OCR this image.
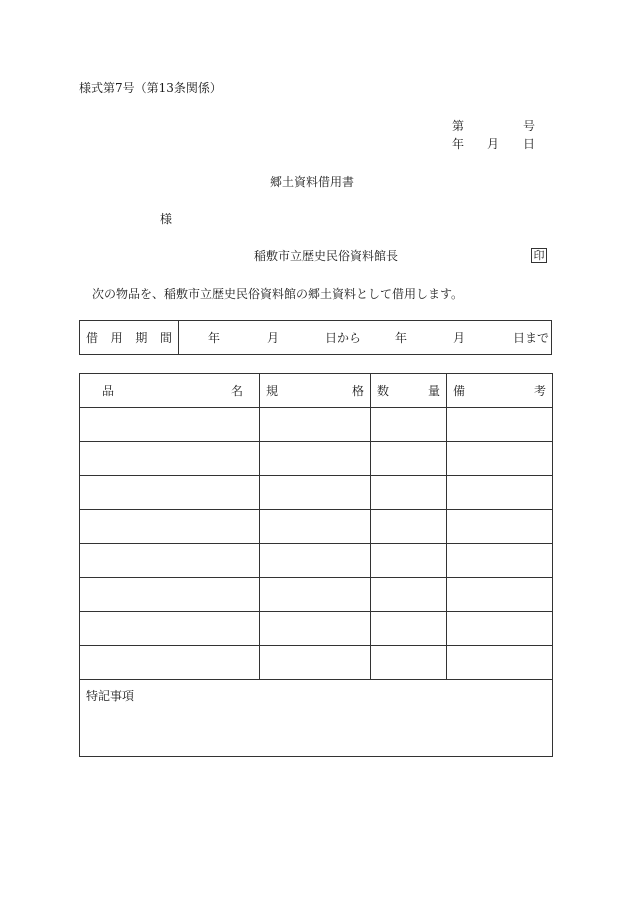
様式第7号（第13条関係）
第	号
年 月 日
郷土資料借用書
様
稲敷市立歴史民俗資料館長	印
次の物品を、稲敷市立歴史民俗資料館の郷土資料として借用します。
借 用 期 間	年	月	日から	年	月	日まで
品 名	規 格	数 量	備 考

特記事項			
